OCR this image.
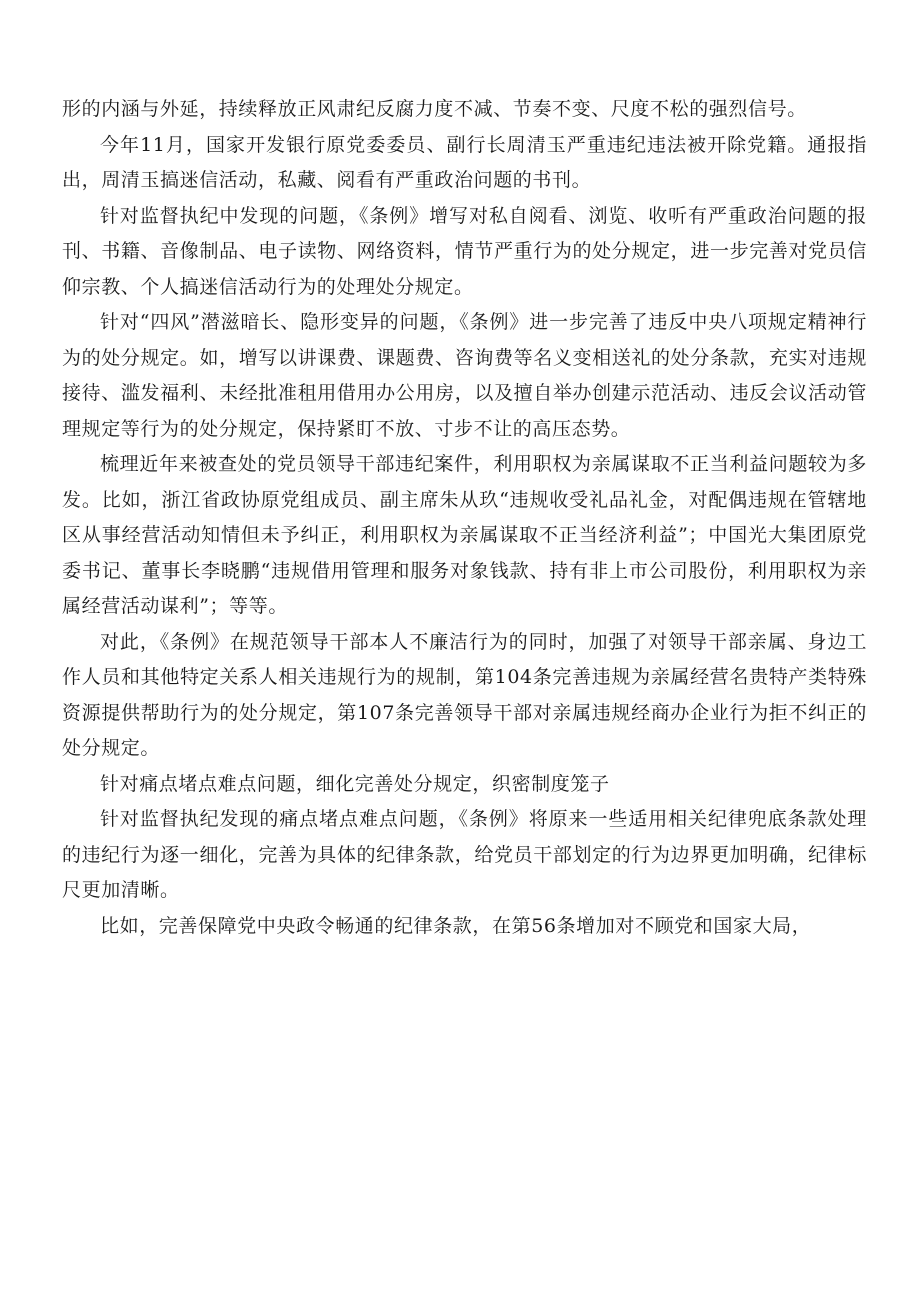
形的内涵与外延，持续释放正风肃纪反腐力度不减、节奏不变、尺度不松的强烈信号。

今年11月，国家开发银行原党委委员、副行长周清玉严重违纪违法被开除党籍。通报指出，周清玉搞迷信活动，私藏、阅看有严重政治问题的书刊。

针对监督执纪中发现的问题，《条例》增写对私自阅看、浏览、收听有严重政治问题的报刊、书籍、音像制品、电子读物、网络资料，情节严重行为的处分规定，进一步完善对党员信仰宗教、个人搞迷信活动行为的处理处分规定。

针对“四风”潜滋暗长、隐形变异的问题，《条例》进一步完善了违反中央八项规定精神行为的处分规定。如，增写以讲课费、课题费、咨询费等名义变相送礼的处分条款，充实对违规接待、滥发福利、未经批准租用借用办公用房，以及擅自举办创建示范活动、违反会议活动管理规定等行为的处分规定，保持紧盯不放、寸步不让的高压态势。

梳理近年来被查处的党员领导干部违纪案件，利用职权为亲属谋取不正当利益问题较为多发。比如，浙江省政协原党组成员、副主席朱从玖“违规收受礼品礼金，对配偶违规在管辖地区从事经营活动知情但未予纠正，利用职权为亲属谋取不正当经济利益”；中国光大集团原党委书记、董事长李晓鹏“违规借用管理和服务对象钱款、持有非上市公司股份，利用职权为亲属经营活动谋利”；等等。

对此，《条例》在规范领导干部本人不廉洁行为的同时，加强了对领导干部亲属、身边工作人员和其他特定关系人相关违规行为的规制，第104条完善违规为亲属经营名贵特产类特殊资源提供帮助行为的处分规定，第107条完善领导干部对亲属违规经商办企业行为拒不纠正的处分规定。

针对痛点堵点难点问题，细化完善处分规定，织密制度笼子

针对监督执纪发现的痛点堵点难点问题，《条例》将原来一些适用相关纪律兜底条款处理的违纪行为逐一细化，完善为具体的纪律条款，给党员干部划定的行为边界更加明确，纪律标尺更加清晰。

比如，完善保障党中央政令畅通的纪律条款，在第56条增加对不顾党和国家大局，
